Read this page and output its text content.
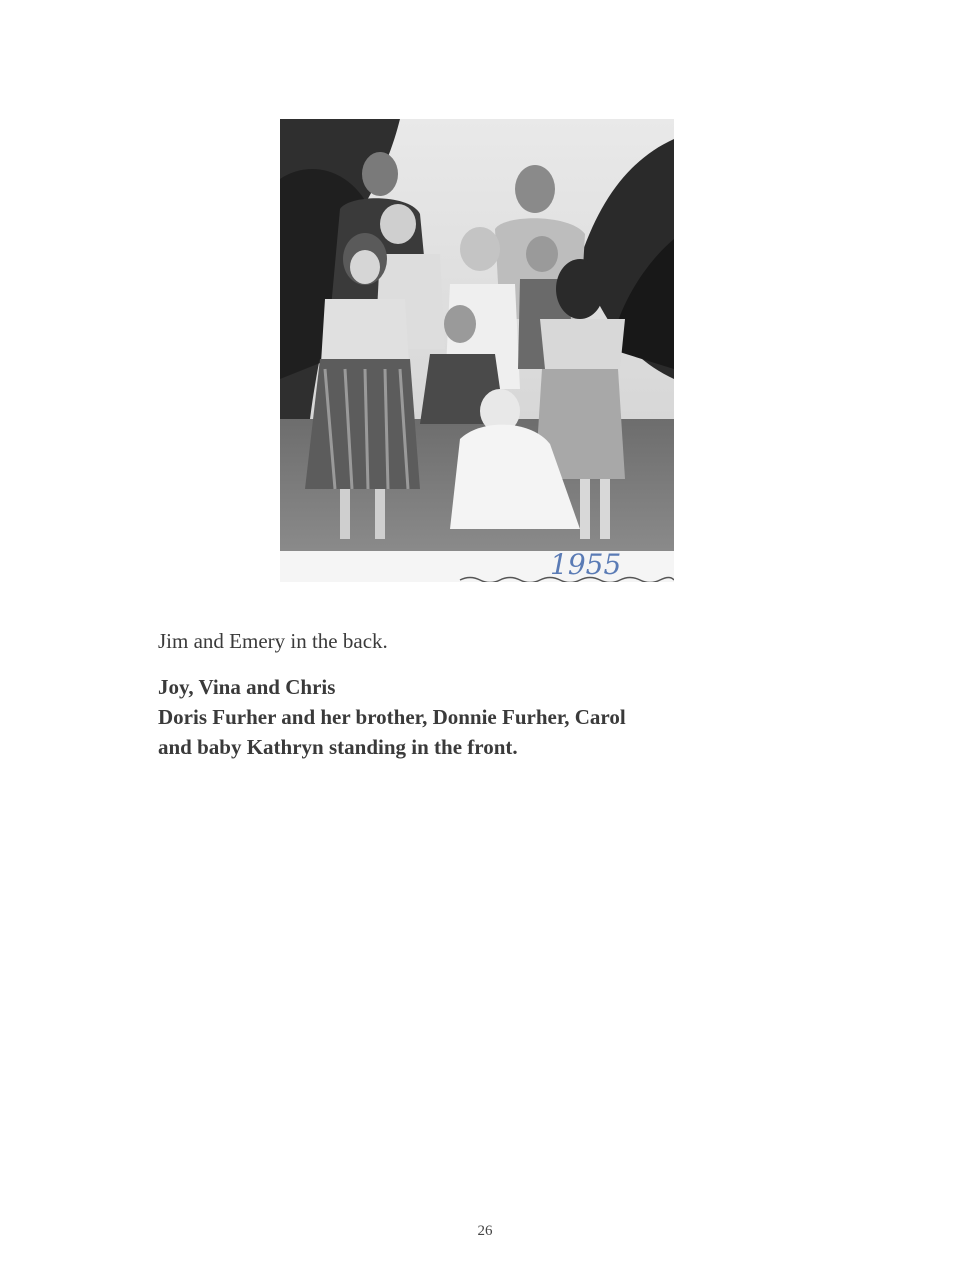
1955
Jim and Emery in the back.
Joy, Vina and Chris
Doris Furher and her brother, Donnie Furher, Carol
and baby Kathryn standing in the front.
26
